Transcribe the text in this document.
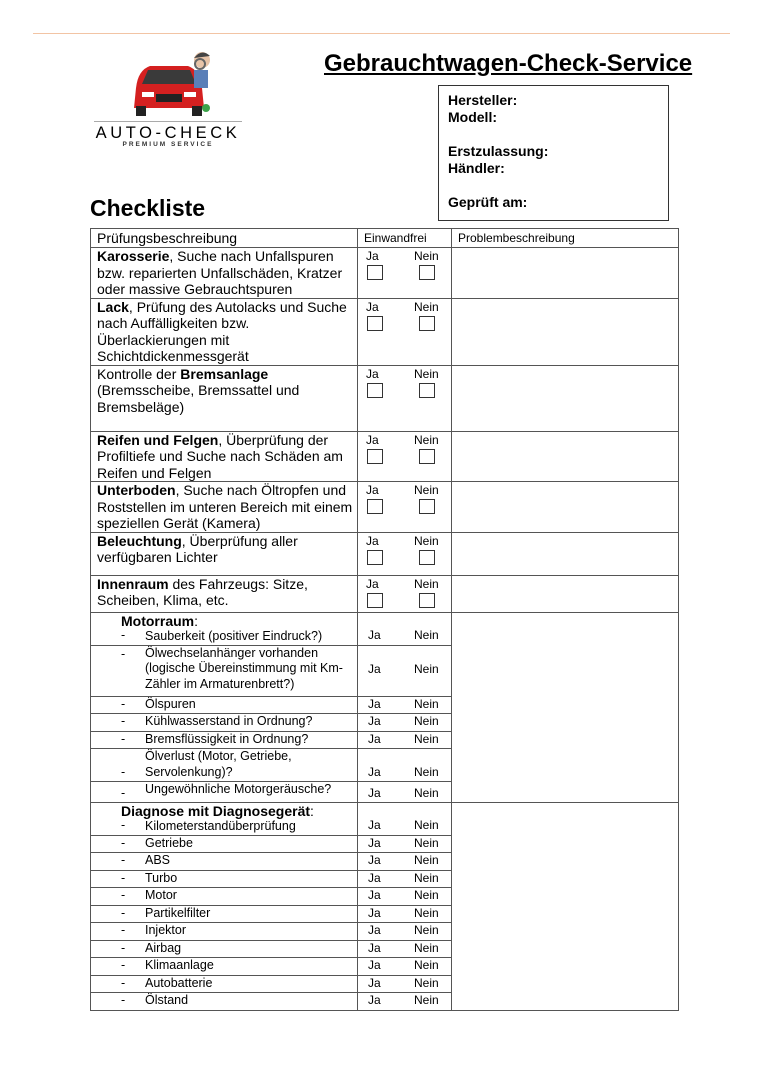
AUTO-CHECK
PREMIUM SERVICE
Gebrauchtwagen-Check-Service
Hersteller:
Modell:
Erstzulassung:
Händler:
Geprüft am:
Checkliste
Prüfungsbeschreibung	Einwandfrei	Problembeschreibung
Karosserie, Suche nach Unfallspuren bzw. reparierten Unfallschäden, Kratzer oder massive Gebrauchtspuren	Ja Nein	

Lack, Prüfung des Autolacks und Suche nach Auffälligkeiten bzw. Überlackierungen mit Schichtdickenmessgerät	Ja Nein	

Kontrolle der Bremsanlage (Bremsscheibe, Bremssattel und Bremsbeläge)	Ja Nein	

Reifen und Felgen, Überprüfung der Profiltiefe und Suche nach Schäden am Reifen und Felgen	Ja Nein	

Unterboden, Suche nach Öltropfen und Roststellen im unteren Bereich mit einem speziellen Gerät (Kamera)	Ja Nein	

Beleuchtung, Überprüfung aller verfügbaren Lichter	Ja Nein	

Innenraum des Fahrzeugs: Sitze, Scheiben, Klima, etc.	Ja Nein	

-
Motorraum:
Sauberkeit (positiver Eindruck?)	Ja Nein	

- Ölwechselanhänger vorhanden (logische Übereinstimmung mit Km-Zähler im Armaturenbrett?)	Ja Nein	

- Ölspuren	Ja Nein	

- Kühlwasserstand in Ordnung?	Ja Nein	

- Bremsflüssigkeit in Ordnung?	Ja Nein	

-
Ölverlust (Motor, Getriebe, Servolenkung)?	Ja Nein	

- Ungewöhnliche Motorgeräusche?	Ja Nein	

-
Diagnose mit Diagnosegerät:
Kilometerstandüberprüfung	Ja Nein	

- Getriebe	Ja Nein	

- ABS	Ja Nein	

- Turbo	Ja Nein	

- Motor	Ja Nein	

- Partikelfilter	Ja Nein	

- Injektor	Ja Nein	

- Airbag	Ja Nein	

- Klimaanlage	Ja Nein	

- Autobatterie	Ja Nein	

- Ölstand	Ja Nein	
